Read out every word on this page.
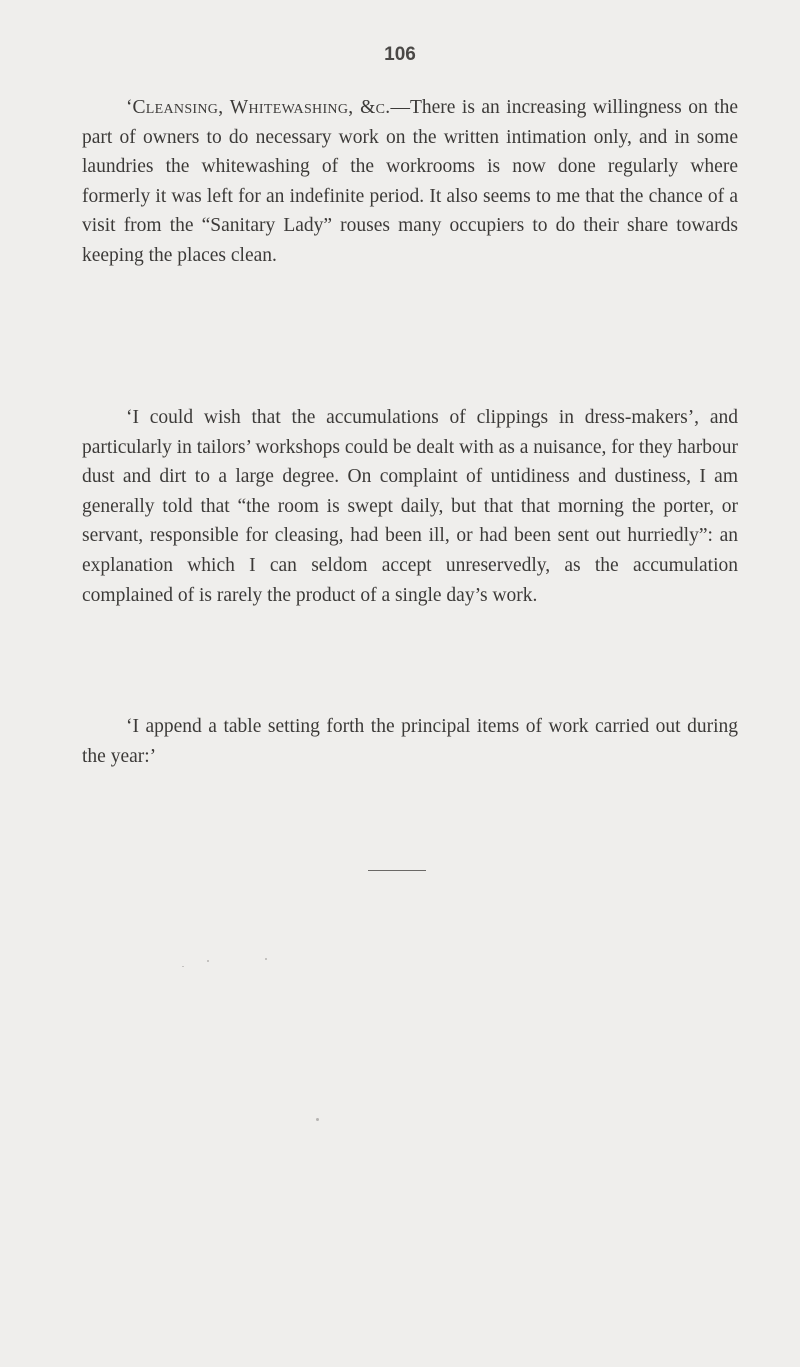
106

‘Cleansing, Whitewashing, &c.—There is an increasing willingness on the part of owners to do necessary work on the written intimation only, and in some laundries the whitewashing of the workrooms is now done regularly where formerly it was left for an indefinite period. It also seems to me that the chance of a visit from the “Sanitary Lady” rouses many occupiers to do their share towards keeping the places clean.

‘I could wish that the accumulations of clippings in dress-makers’, and particularly in tailors’ workshops could be dealt with as a nuisance, for they harbour dust and dirt to a large degree. On complaint of untidiness and dustiness, I am generally told that “the room is swept daily, but that that morning the porter, or servant, responsible for cleasing, had been ill, or had been sent out hurriedly”: an explanation which I can seldom accept unreservedly, as the accumulation complained of is rarely the product of a single day’s work.

‘I append a table setting forth the principal items of work carried out during the year:’
